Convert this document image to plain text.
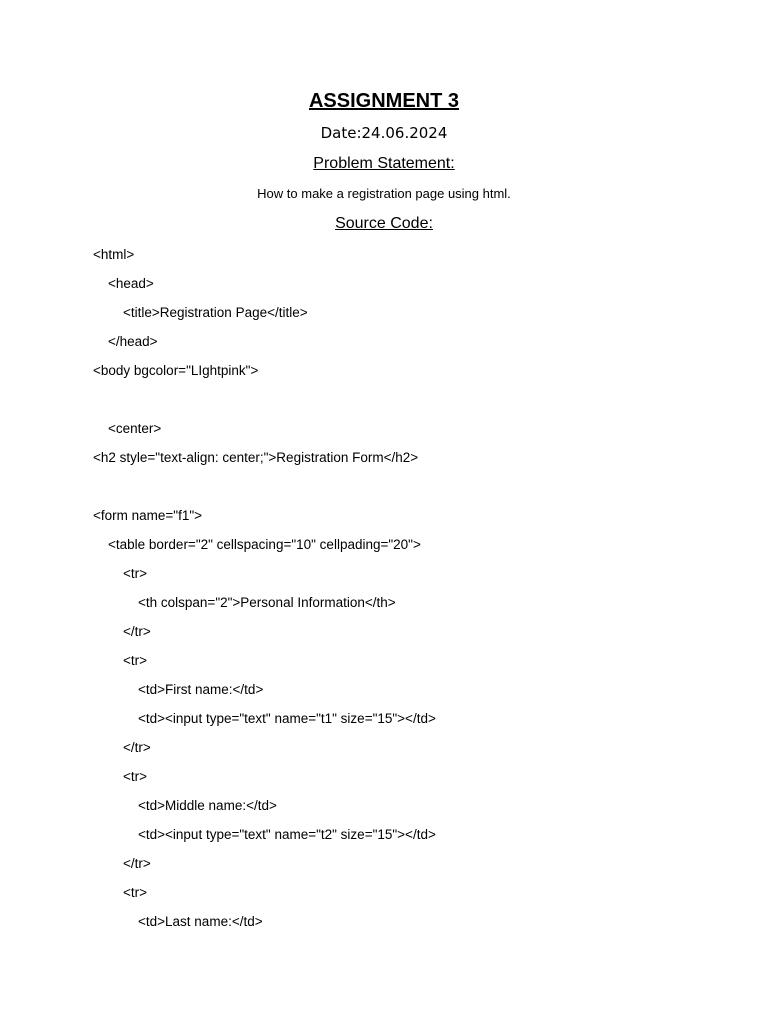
ASSIGNMENT 3
Date:24.06.2024
Problem Statement:
How to make a registration page using html.
Source Code:
<html>
<head>
<title>Registration Page</title>
</head>
<body bgcolor="LIghtpink">
<center>
<h2 style="text-align: center;">Registration Form</h2>
<form name="f1">
<table border="2" cellspacing="10" cellpading="20">
<tr>
<th colspan="2">Personal Information</th>
</tr>
<tr>
<td>First name:</td>
<td><input type="text" name="t1" size="15"></td>
</tr>
<tr>
<td>Middle name:</td>
<td><input type="text" name="t2" size="15"></td>
</tr>
<tr>
<td>Last name:</td>
